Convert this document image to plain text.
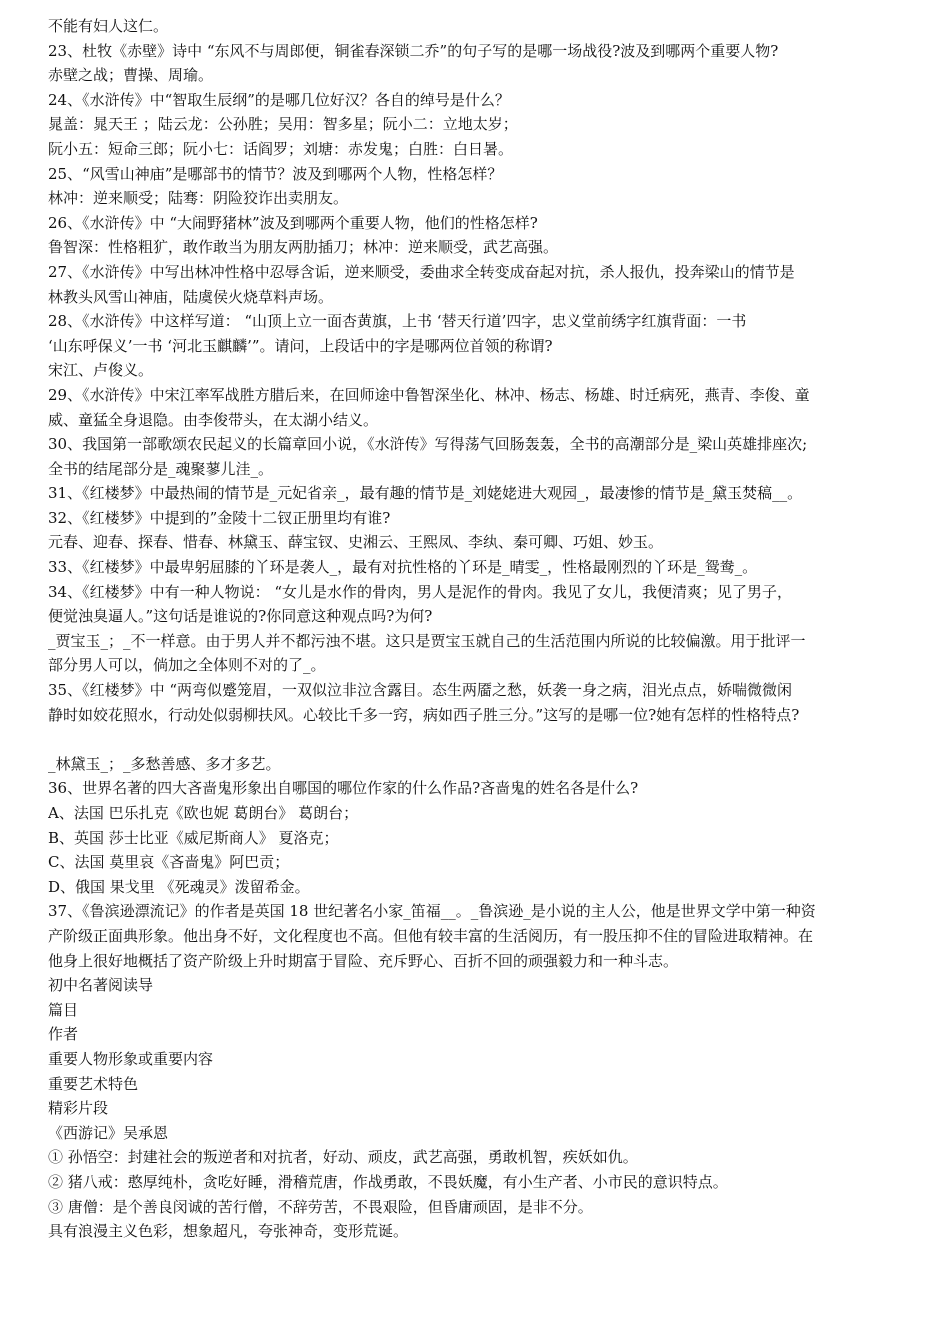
不能有妇人这仁。
23、杜牧《赤壁》诗中 “东风不与周郎便，铜雀春深锁二乔”的句子写的是哪一场战役?波及到哪两个重要人物?
赤壁之战；曹操、周瑜。
24、《水浒传》中“智取生辰纲”的是哪几位好汉？各自的绰号是什么？
晁盖：晁天王 ；陆云龙：公孙胜；吴用：智多星；阮小二：立地太岁；
阮小五：短命三郎；阮小七：话阎罗；刘塘：赤发鬼；白胜：白日暑。
25、“风雪山神庙”是哪部书的情节？波及到哪两个人物，性格怎样？
林冲：逆来顺受；陆骞：阴险狡诈出卖朋友。
26、《水浒传》中 “大闹野猪林”波及到哪两个重要人物，他们的性格怎样?
鲁智深：性格粗犷，敢作敢当为朋友两肋插刀；林冲：逆来顺受，武艺高强。
27、《水浒传》中写出林冲性格中忍辱含诟，逆来顺受，委曲求全转变成奋起对抗，杀人报仇，投奔梁山的情节是
林教头风雪山神庙，陆虞侯火烧草料声场。
28、《水浒传》中这样写道： “山顶上立一面杏黄旗，上书 ‘替天行道’四字，忠义堂前绣字红旗背面：一书
‘山东呼保义’一书 ‘河北玉麒麟’”。请问，上段话中的字是哪两位首领的称谓?
宋江、卢俊义。
29、《水浒传》中宋江率军战胜方腊后来，在回师途中鲁智深坐化、林冲、杨志、杨雄、时迁病死，燕青、李俊、童
威、童猛全身退隐。由李俊带头，在太湖小结义。
30、我国第一部歌颂农民起义的长篇章回小说，《水浒传》写得荡气回肠轰轰，全书的高潮部分是_梁山英雄排座次;
全书的结尾部分是_魂聚蓼儿洼_。
31、《红楼梦》中最热闹的情节是_元妃省亲_，最有趣的情节是_刘姥姥进大观园_，最凄惨的情节是_黛玉焚稿__。
32、《红楼梦》中提到的”金陵十二钗正册里均有谁?
元春、迎春、探春、惜春、林黛玉、薛宝钗、史湘云、王熙凤、李纨、秦可卿、巧姐、妙玉。
33、《红楼梦》中最卑躬屈膝的丫环是袭人_，最有对抗性格的丫环是_晴雯_，性格最刚烈的丫环是_鸳鸯_。
34、《红楼梦》中有一种人物说： “女儿是水作的骨肉，男人是泥作的骨肉。我见了女儿，我便清爽；见了男子，
便觉浊臭逼人。”这句话是谁说的?你同意这种观点吗?为何?
_贾宝玉_；_不一样意。由于男人并不都污浊不堪。这只是贾宝玉就自己的生活范围内所说的比较偏激。用于批评一
部分男人可以，倘加之全体则不对的了_。
35、《红楼梦》中 “两弯似蹙笼眉，一双似泣非泣含露目。态生两靥之愁，妖袭一身之病，泪光点点，娇喘微微闲
静时如姣花照水，行动处似弱柳扶风。心较比千多一窍，病如西子胜三分。”这写的是哪一位?她有怎样的性格特点?
_林黛玉_；_多愁善感、多才多艺。
36、世界名著的四大吝啬鬼形象出自哪国的哪位作家的什么作品?吝啬鬼的姓名各是什么?
A、法国 巴乐扎克《欧也妮 葛朗台》 葛朗台；
B、英国 莎士比亚《威尼斯商人》 夏洛克；
C、法国 莫里哀《吝啬鬼》阿巴贡；
D、俄国 果戈里 《死魂灵》泼留希金。
37、《鲁滨逊漂流记》的作者是英国 18 世纪著名小家_笛福__。_鲁滨逊_是小说的主人公，他是世界文学中第一种资
产阶级正面典形象。他出身不好，文化程度也不高。但他有较丰富的生活阅历，有一股压抑不住的冒险进取精神。在
他身上很好地概括了资产阶级上升时期富于冒险、充斥野心、百折不回的顽强毅力和一种斗志。
初中名著阅读导
篇目
作者
重要人物形象或重要内容
重要艺术特色
精彩片段
《西游记》吴承恩
① 孙悟空：封建社会的叛逆者和对抗者，好动、顽皮，武艺高强，勇敢机智，疾妖如仇。
② 猪八戒：憨厚纯朴，贪吃好睡，滑稽荒唐，作战勇敢，不畏妖魔，有小生产者、小市民的意识特点。
③ 唐僧：是个善良闵诚的苦行僧，不辞劳苦，不畏艰险，但昏庸顽固，是非不分。
具有浪漫主义色彩，想象超凡，夸张神奇，变形荒诞。
